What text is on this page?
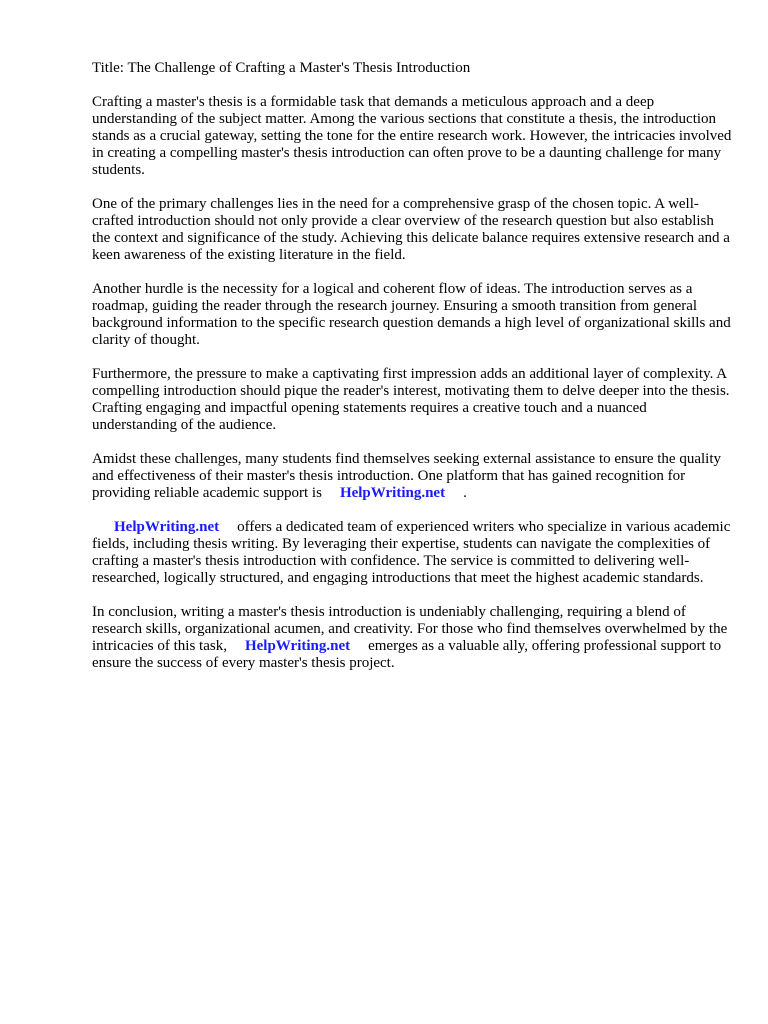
Title: The Challenge of Crafting a Master's Thesis Introduction

Crafting a master's thesis is a formidable task that demands a meticulous approach and a deep understanding of the subject matter. Among the various sections that constitute a thesis, the introduction stands as a crucial gateway, setting the tone for the entire research work. However, the intricacies involved in creating a compelling master's thesis introduction can often prove to be a daunting challenge for many students.

One of the primary challenges lies in the need for a comprehensive grasp of the chosen topic. A well-crafted introduction should not only provide a clear overview of the research question but also establish the context and significance of the study. Achieving this delicate balance requires extensive research and a keen awareness of the existing literature in the field.

Another hurdle is the necessity for a logical and coherent flow of ideas. The introduction serves as a roadmap, guiding the reader through the research journey. Ensuring a smooth transition from general background information to the specific research question demands a high level of organizational skills and clarity of thought.

Furthermore, the pressure to make a captivating first impression adds an additional layer of complexity. A compelling introduction should pique the reader's interest, motivating them to delve deeper into the thesis. Crafting engaging and impactful opening statements requires a creative touch and a nuanced understanding of the audience.

Amidst these challenges, many students find themselves seeking external assistance to ensure the quality and effectiveness of their master's thesis introduction. One platform that has gained recognition for providing reliable academic support is HelpWriting.net .

HelpWriting.net offers a dedicated team of experienced writers who specialize in various academic fields, including thesis writing. By leveraging their expertise, students can navigate the complexities of crafting a master's thesis introduction with confidence. The service is committed to delivering well-researched, logically structured, and engaging introductions that meet the highest academic standards.

In conclusion, writing a master's thesis introduction is undeniably challenging, requiring a blend of research skills, organizational acumen, and creativity. For those who find themselves overwhelmed by the intricacies of this task, HelpWriting.net emerges as a valuable ally, offering professional support to ensure the success of every master's thesis project.
